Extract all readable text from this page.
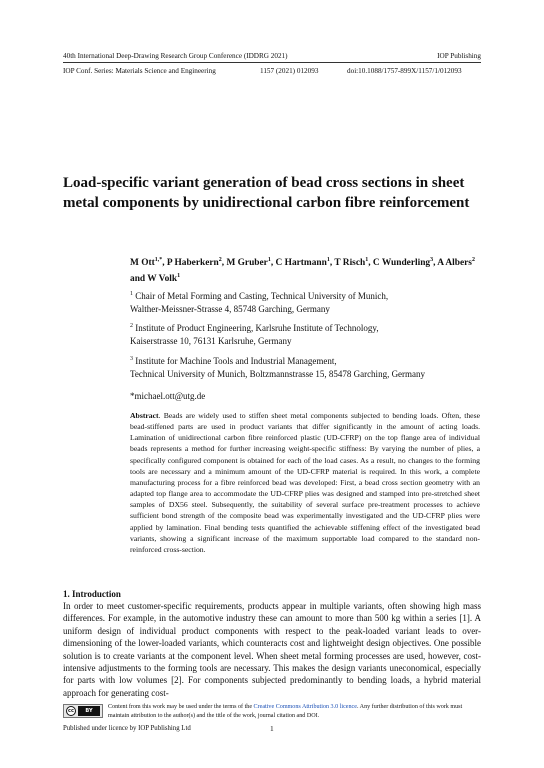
40th International Deep-Drawing Research Group Conference (IDDRG 2021)	IOP Publishing
IOP Conf. Series: Materials Science and Engineering	1157 (2021) 012093	doi:10.1088/1757-899X/1157/1/012093
Load-specific variant generation of bead cross sections in sheet metal components by unidirectional carbon fibre reinforcement
M Ott$^{1,*}$, P Haberkern$^2$, M Gruber$^1$, C Hartmann$^1$, T Risch$^1$, C Wunderling$^3$, A Albers$^2$ and W Volk$^1$
$^1$ Chair of Metal Forming and Casting, Technical University of Munich,
Walther-Meissner-Strasse 4, 85748 Garching, Germany
$^2$ Institute of Product Engineering, Karlsruhe Institute of Technology,
Kaiserstrasse 10, 76131 Karlsruhe, Germany
$^3$ Institute for Machine Tools and Industrial Management,
Technical University of Munich, Boltzmannstrasse 15, 85478 Garching, Germany
*michael.ott@utg.de

Abstract. Beads are widely used to stiffen sheet metal components subjected to bending loads. Often, these bead-stiffened parts are used in product variants that differ significantly in the amount of acting loads. Lamination of unidirectional carbon fibre reinforced plastic (UD-CFRP) on the top flange area of individual beads represents a method for further increasing weight-specific stiffness: By varying the number of plies, a specifically configured component is obtained for each of the load cases. As a result, no changes to the forming tools are necessary and a minimum amount of the UD-CFRP material is required. In this work, a complete manufacturing process for a fibre reinforced bead was developed: First, a bead cross section geometry with an adapted top flange area to accommodate the UD-CFRP plies was designed and stamped into pre-stretched sheet samples of DX56 steel. Subsequently, the suitability of several surface pre-treatment processes to achieve sufficient bond strength of the composite bead was experimentally investigated and the UD-CFRP plies were applied by lamination. Final bending tests quantified the achievable stiffening effect of the investigated bead variants, showing a significant increase of the maximum supportable load compared to the standard non-reinforced cross-section.

1. Introduction

In order to meet customer-specific requirements, products appear in multiple variants, often showing high mass differences. For example, in the automotive industry these can amount to more than 500 kg within a series [1]. A uniform design of individual product components with respect to the peak-loaded variant leads to over-dimensioning of the lower-loaded variants, which counteracts cost and lightweight design objectives. One possible solution is to create variants at the component level. When sheet metal forming processes are used, however, cost-intensive adjustments to the forming tools are necessary. This makes the design variants uneconomical, especially for parts with low volumes [2]. For components subjected predominantly to bending loads, a hybrid material approach for generating cost-

cc	BY

Content from this work may be used under the terms of the Creative Commons Attribution 3.0 licence. Any further distribution of this work must maintain attribution to the author(s) and the title of the work, journal citation and DOI.

Published under licence by IOP Publishing Ltd	1
